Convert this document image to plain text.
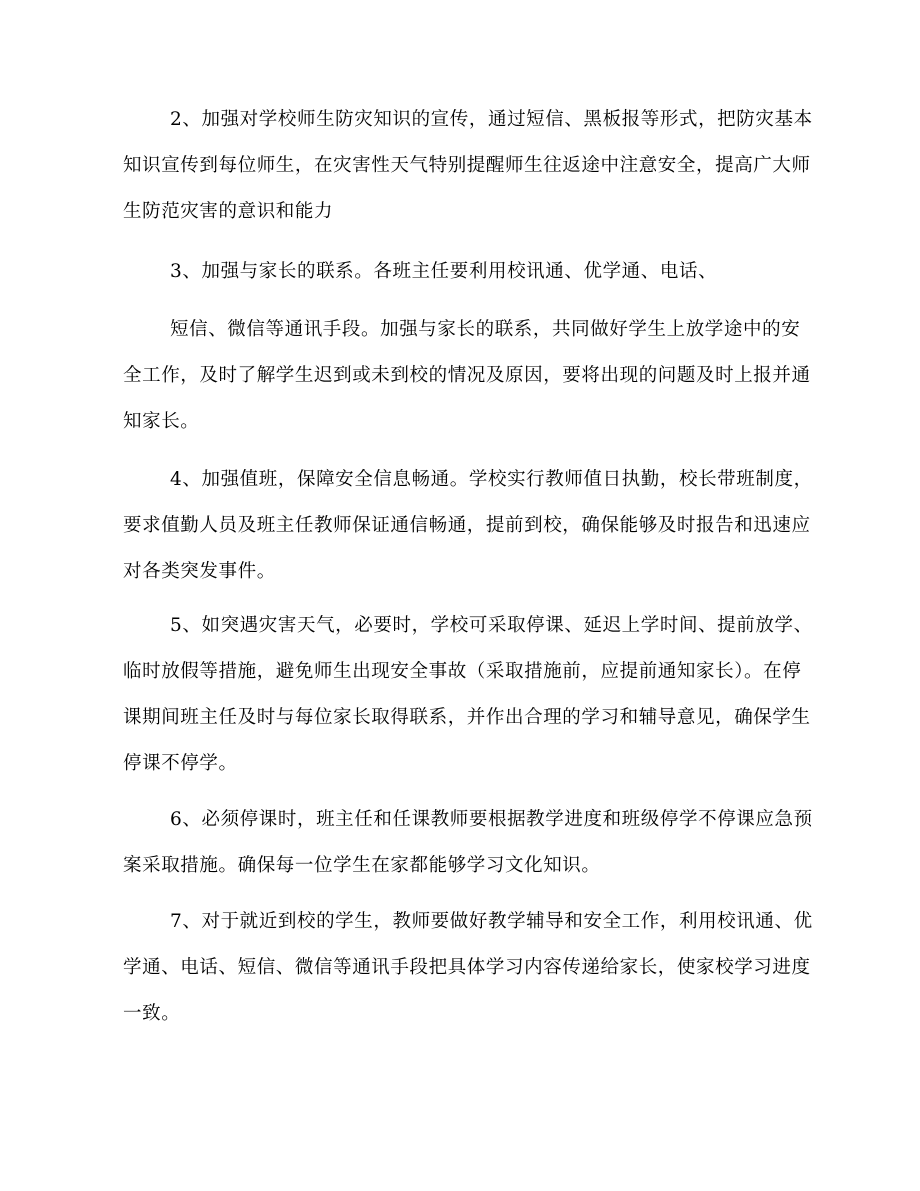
2、加强对学校师生防灾知识的宣传，通过短信、黑板报等形式，把防灾基本
知识宣传到每位师生，在灾害性天气特别提醒师生往返途中注意安全，提高广大师
生防范灾害的意识和能力

3、加强与家长的联系。各班主任要利用校讯通、优学通、电话、

短信、微信等通讯手段。加强与家长的联系，共同做好学生上放学途中的安
全工作，及时了解学生迟到或未到校的情况及原因，要将出现的问题及时上报并通
知家长。

4、加强值班，保障安全信息畅通。学校实行教师值日执勤，校长带班制度，
要求值勤人员及班主任教师保证通信畅通，提前到校，确保能够及时报告和迅速应
对各类突发事件。

5、如突遇灾害天气，必要时，学校可采取停课、延迟上学时间、提前放学、
临时放假等措施，避免师生出现安全事故（采取措施前，应提前通知家长）。在停
课期间班主任及时与每位家长取得联系，并作出合理的学习和辅导意见，确保学生
停课不停学。

6、必须停课时，班主任和任课教师要根据教学进度和班级停学不停课应急预
案采取措施。确保每一位学生在家都能够学习文化知识。

7、对于就近到校的学生，教师要做好教学辅导和安全工作，利用校讯通、优
学通、电话、短信、微信等通讯手段把具体学习内容传递给家长，使家校学习进度
一致。
